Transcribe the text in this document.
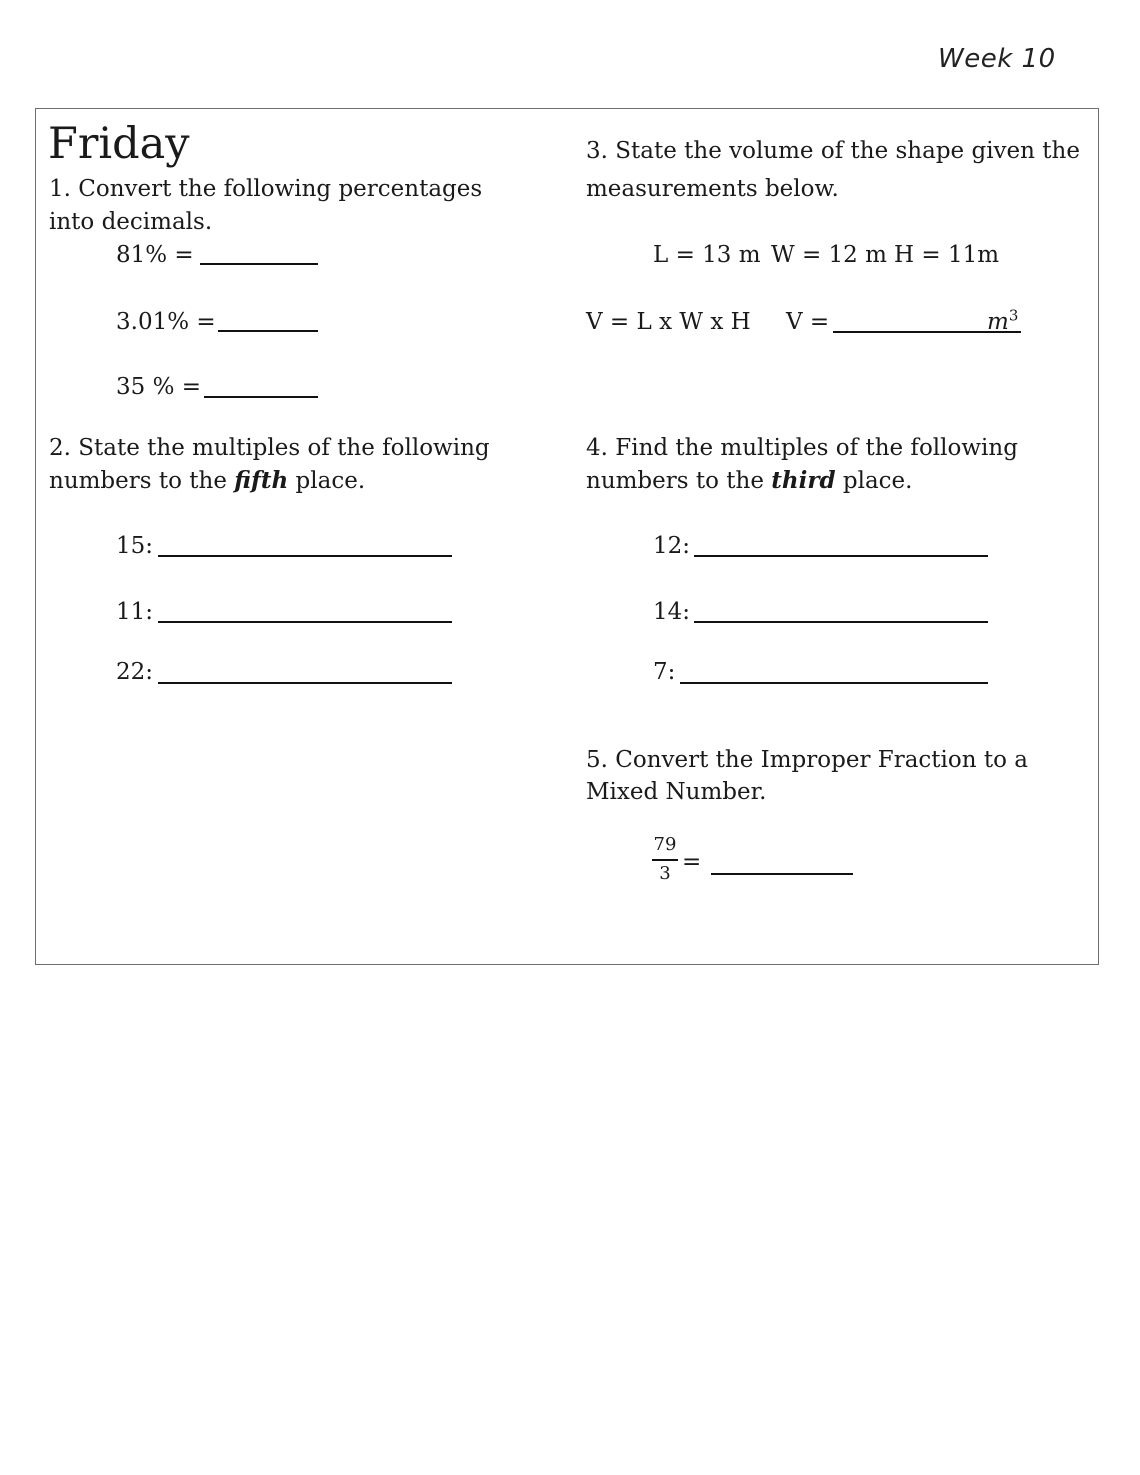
Week 10
Friday
1. Convert the following percentages
into decimals.
81% =
3.01% =
35 % =
2. State the multiples of the following
numbers to the fifth place.
15:
11:
22:
3. State the volume of the shape given the
measurements below.
L = 13 m W = 12 m H = 11m
V = L x W x H V =	$m^3$
4. Find the multiples of the following
numbers to the third place.
12:
14:
7:
5. Convert the Improper Fraction to a
Mixed Number.
79
3 =
